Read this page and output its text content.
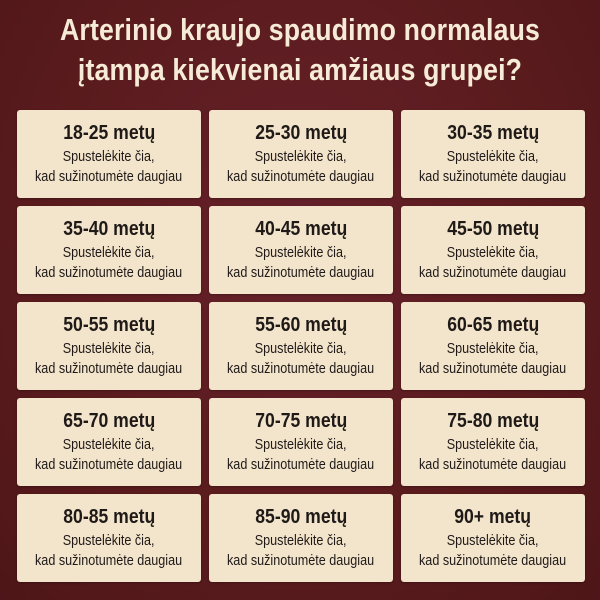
Arterinio kraujo spaudimo normalaus
įtampa kiekvienai amžiaus grupei?
18-25 metų
Spustelėkite čia,
kad sužinotumėte daugiau
25-30 metų
Spustelėkite čia,
kad sužinotumėte daugiau
30-35 metų
Spustelėkite čia,
kad sužinotumėte daugiau
35-40 metų
Spustelėkite čia,
kad sužinotumėte daugiau
40-45 metų
Spustelėkite čia,
kad sužinotumėte daugiau
45-50 metų
Spustelėkite čia,
kad sužinotumėte daugiau
50-55 metų
Spustelėkite čia,
kad sužinotumėte daugiau
55-60 metų
Spustelėkite čia,
kad sužinotumėte daugiau
60-65 metų
Spustelėkite čia,
kad sužinotumėte daugiau
65-70 metų
Spustelėkite čia,
kad sužinotumėte daugiau
70-75 metų
Spustelėkite čia,
kad sužinotumėte daugiau
75-80 metų
Spustelėkite čia,
kad sužinotumėte daugiau
80-85 metų
Spustelėkite čia,
kad sužinotumėte daugiau
85-90 metų
Spustelėkite čia,
kad sužinotumėte daugiau
90+ metų
Spustelėkite čia,
kad sužinotumėte daugiau
